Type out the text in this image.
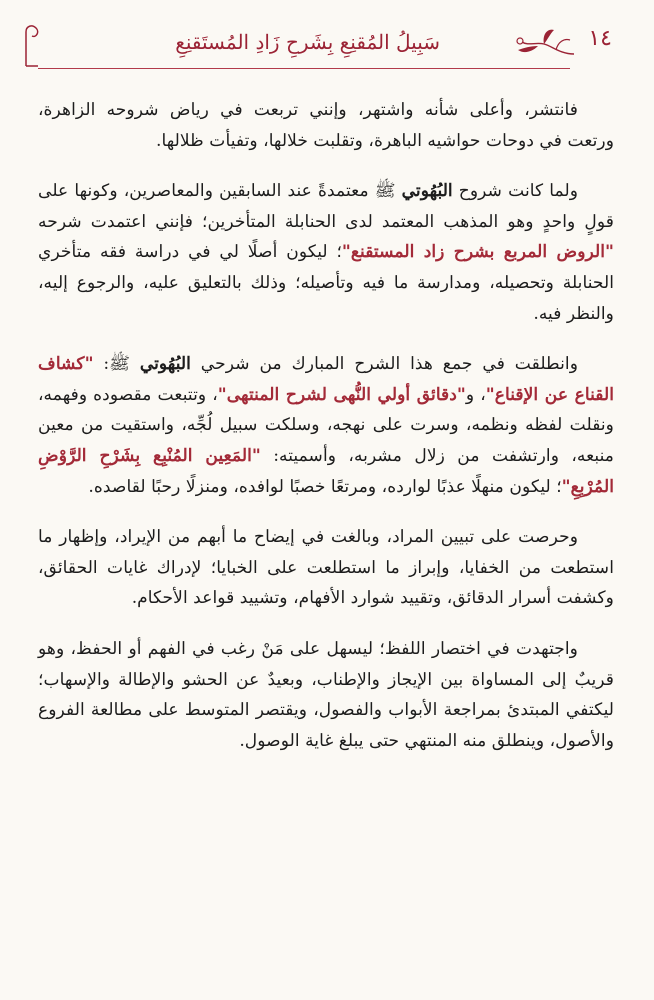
١٤
سَبِيلُ المُقنِعِ بِشَرحِ زَادِ المُستَقنِعِ

فانتشر، وأعلى شأنه واشتهر، وإنني تربعت في رياض شروحه الزاهرة، ورتعت في دوحات حواشيه الباهرة، وتقلبت خلالها، وتفيأت ظلالها.

ولما كانت شروح البُهُوتي ﷺ معتمدةً عند السابقين والمعاصرين، وكونها على قولٍ واحدٍ وهو المذهب المعتمد لدى الحنابلة المتأخرين؛ فإنني اعتمدت شرحه "الروض المربع بشرح زاد المستقنع"؛ ليكون أصلًا لي في دراسة فقه متأخري الحنابلة وتحصيله، ومدارسة ما فيه وتأصيله؛ وذلك بالتعليق عليه، والرجوع إليه، والنظر فيه.

وانطلقت في جمع هذا الشرح المبارك من شرحي البُهُوتي ﷺ: "كشاف القناع عن الإقناع"، و"دقائق أولي النُّهى لشرح المنتهى"، وتتبعت مقصوده وفهمه، ونقلت لفظه ونظمه، وسرت على نهجه، وسلكت سبيل لُجِّه، واستقيت من معين منبعه، وارتشفت من زلال مشربه، وأسميته: "المَعِين المُنْبِع بِشَرْحِ الرَّوْضِ المُرْبِعِ"؛ ليكون منهلًا عذبًا لوارده، ومرتعًا خصبًا لوافده، ومنزلًا رحبًا لقاصده.

وحرصت على تبيين المراد، وبالغت في إيضاح ما أبهم من الإيراد، وإظهار ما استطعت من الخفايا، وإبراز ما استطلعت على الخبايا؛ لإدراك غايات الحقائق، وكشفت أسرار الدقائق، وتقييد شوارد الأفهام، وتشييد قواعد الأحكام.

واجتهدت في اختصار اللفظ؛ ليسهل على مَنْ رغب في الفهم أو الحفظ، وهو قريبٌ إلى المساواة بين الإيجاز والإطناب، وبعيدٌ عن الحشو والإطالة والإسهاب؛ ليكتفي المبتدئ بمراجعة الأبواب والفصول، ويقتصر المتوسط على مطالعة الفروع والأصول، وينطلق منه المنتهي حتى يبلغ غاية الوصول.
